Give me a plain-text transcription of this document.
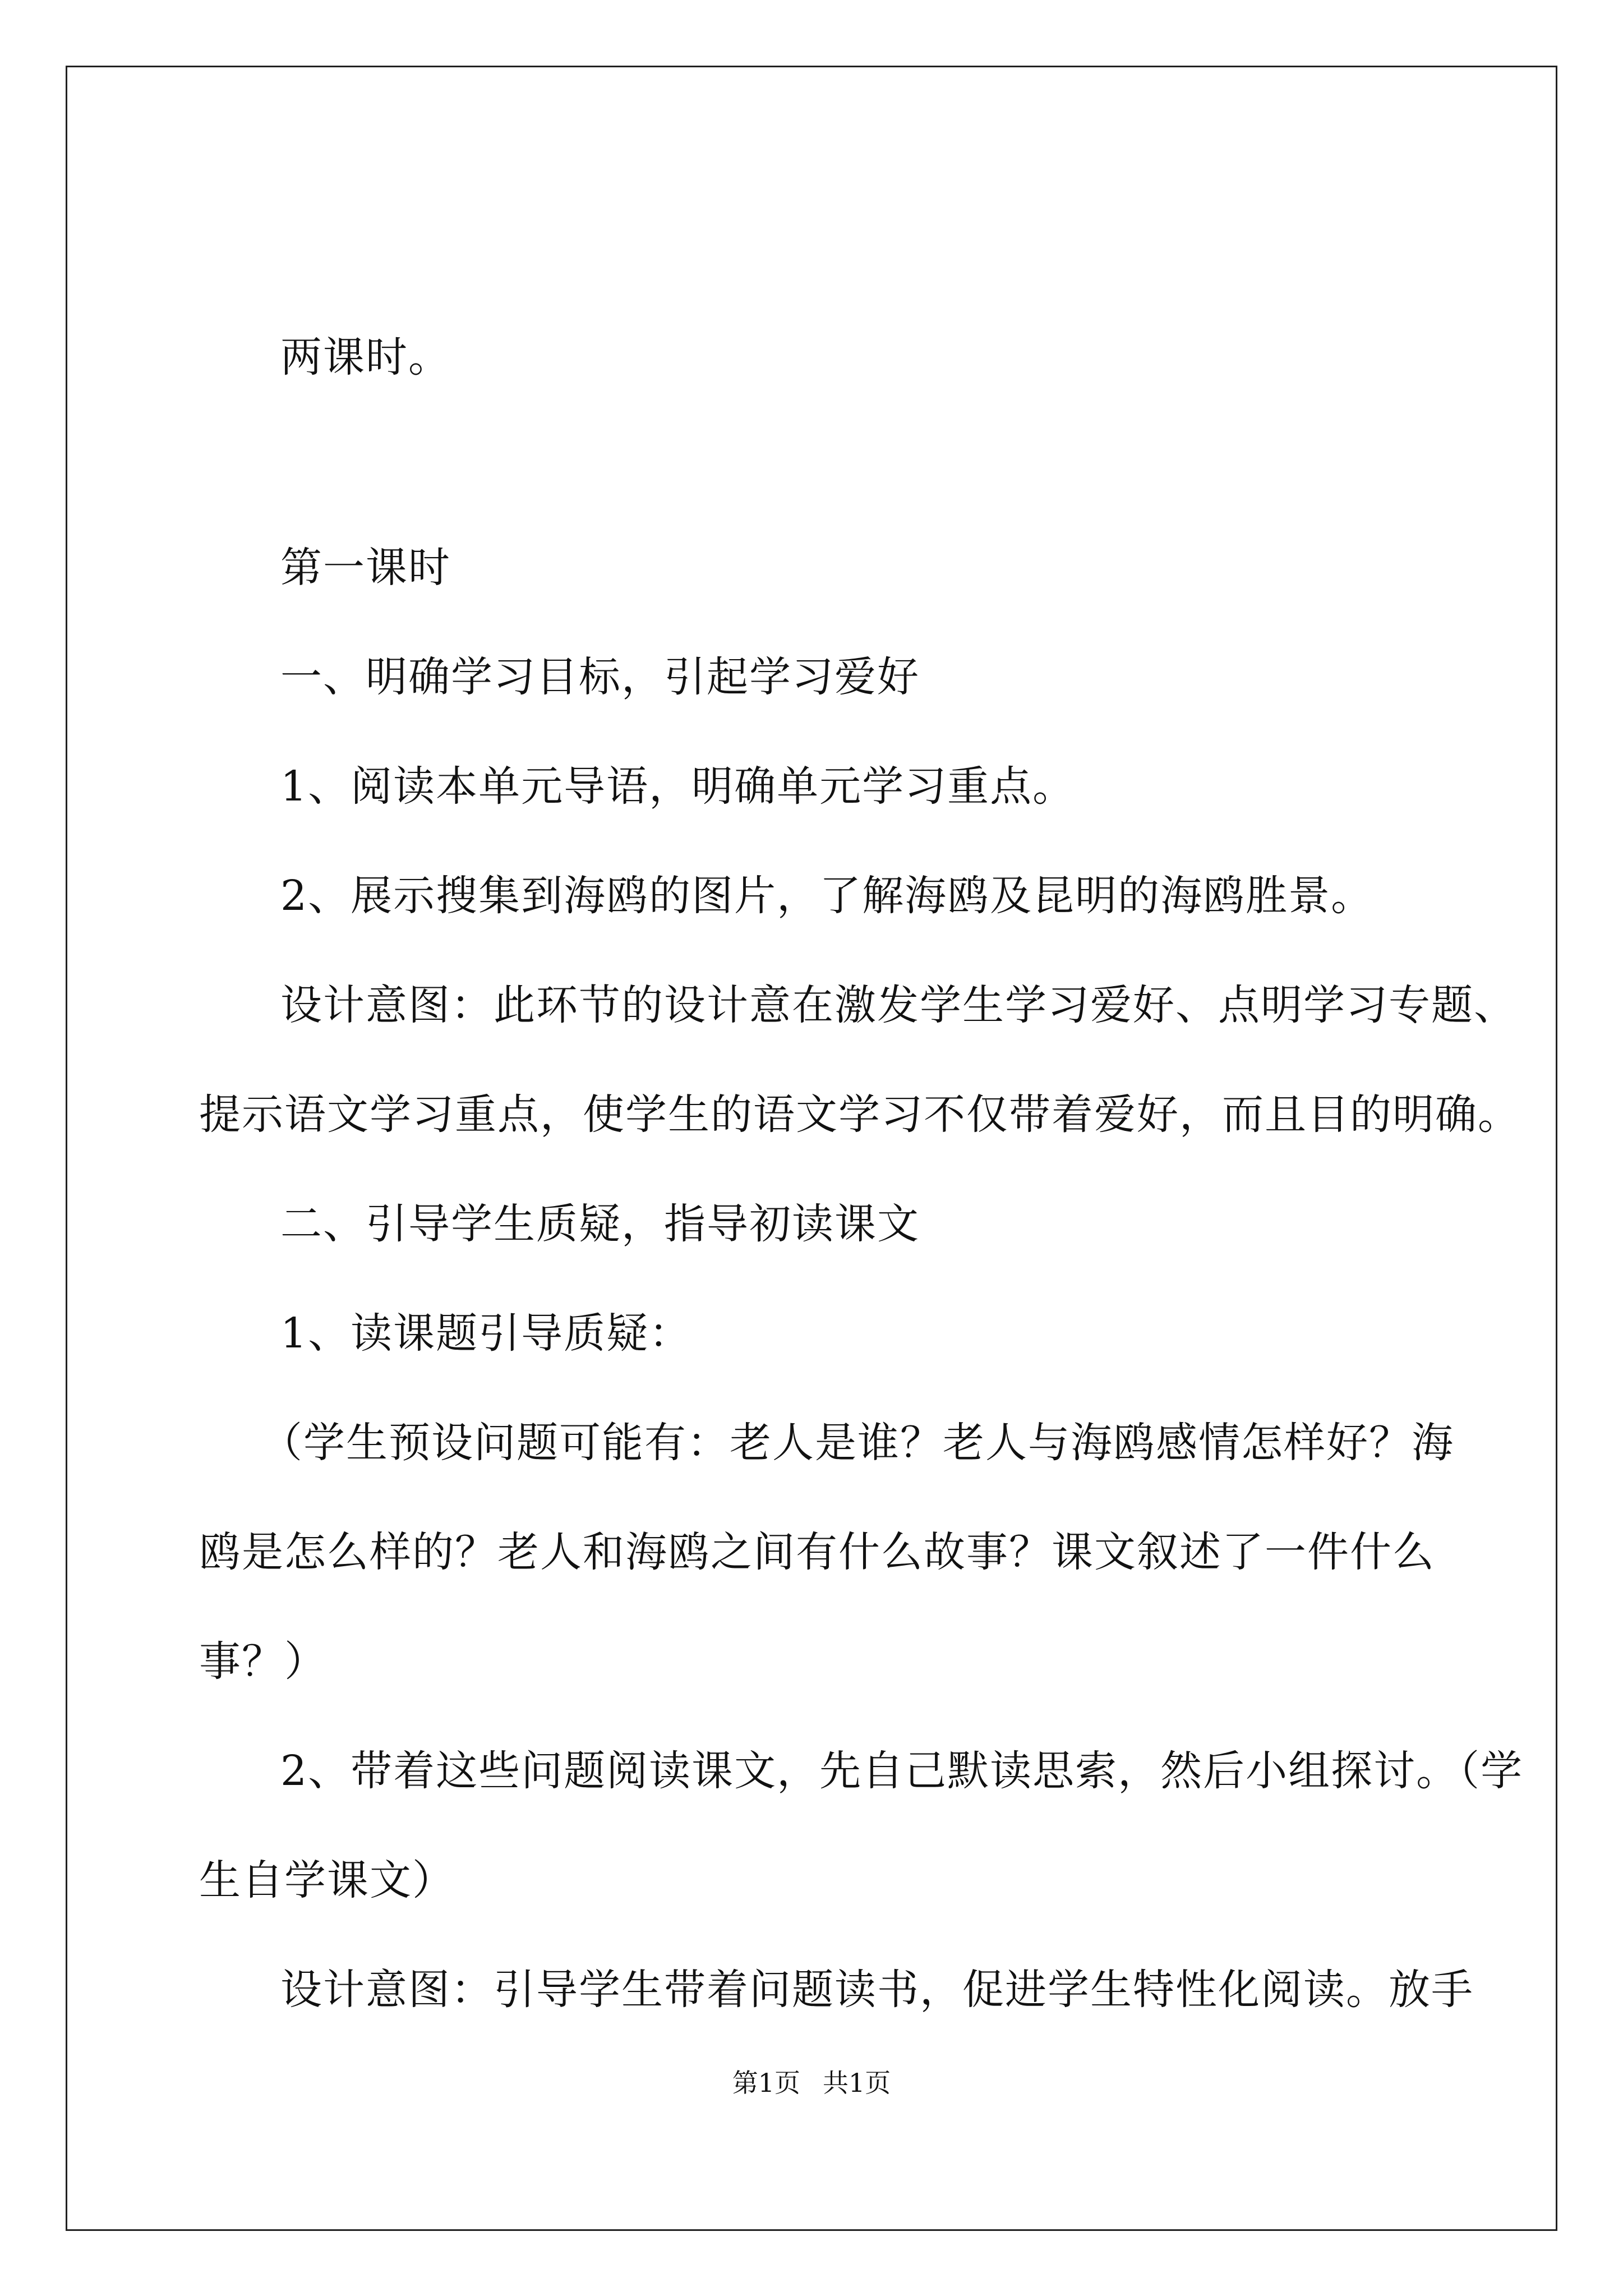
两课时。
第一课时
一、明确学习目标，引起学习爱好
1、阅读本单元导语，明确单元学习重点。
2、展示搜集到海鸥的图片，了解海鸥及昆明的海鸥胜景。
设计意图：此环节的设计意在激发学生学习爱好、点明学习专题、
提示语文学习重点，使学生的语文学习不仅带着爱好，而且目的明确。
二、引导学生质疑，指导初读课文
1、读课题引导质疑：
（学生预设问题可能有：老人是谁？老人与海鸥感情怎样好？海
鸥是怎么样的？老人和海鸥之间有什么故事？课文叙述了一件什么
事？）
2、带着这些问题阅读课文，先自己默读思索，然后小组探讨。（学
生自学课文）
设计意图：引导学生带着问题读书，促进学生特性化阅读。放手
第1页 共1页
